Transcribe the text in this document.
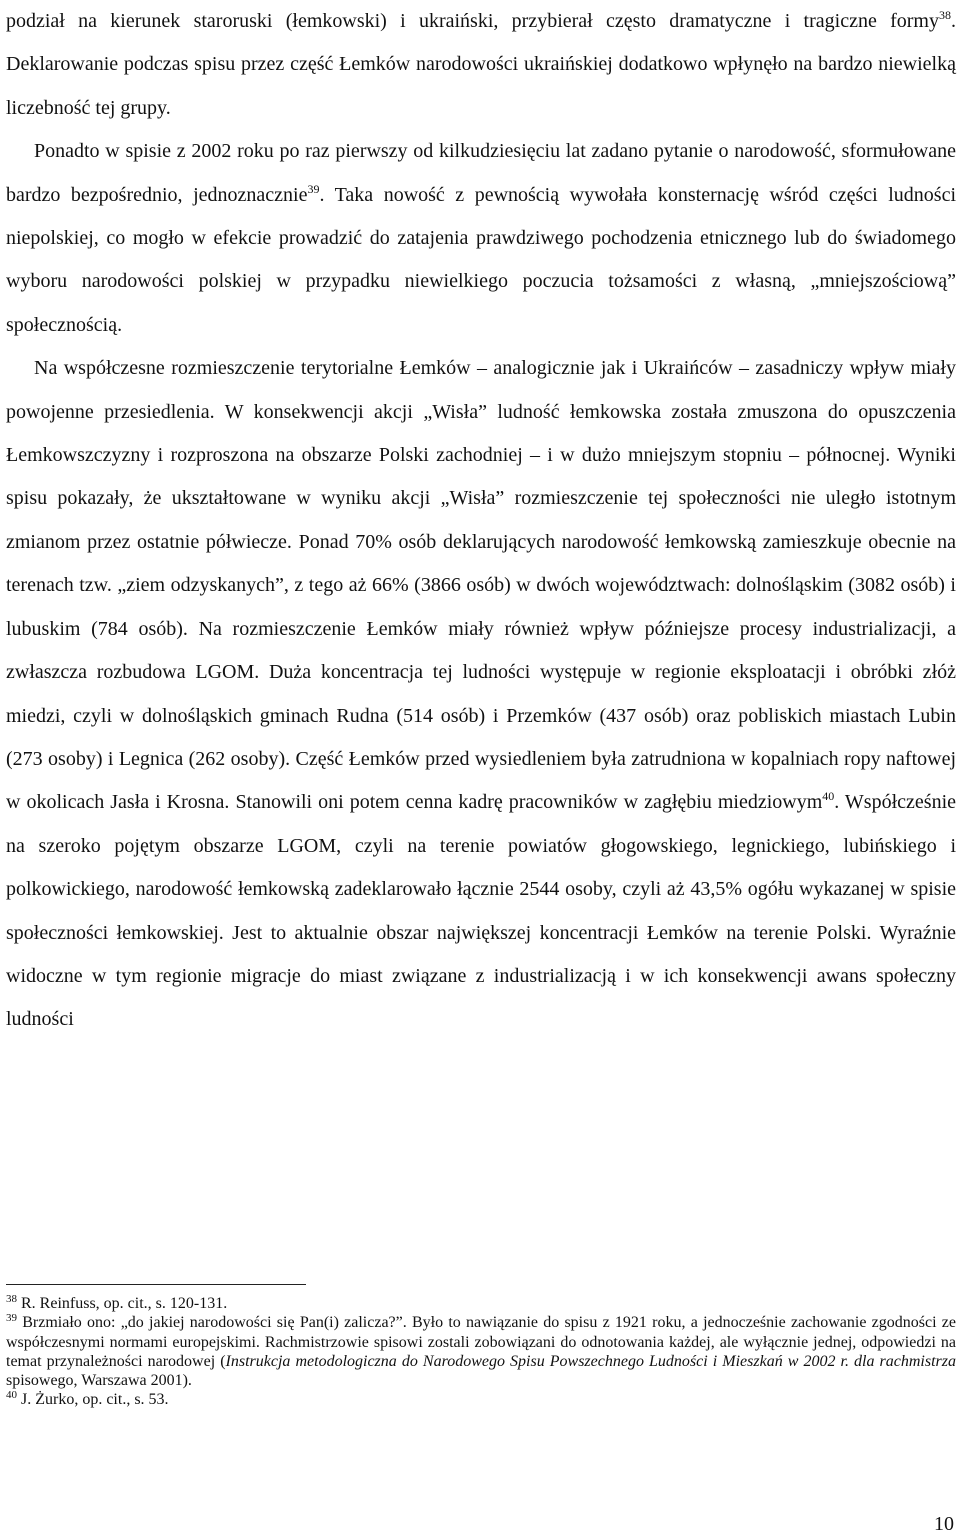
podział na kierunek staroruski (łemkowski) i ukraiński, przybierał często dramatyczne i tragiczne formy$^{38}$. Deklarowanie podczas spisu przez część Łemków narodowości ukraińskiej dodatkowo wpłynęło na bardzo niewielką liczebność tej grupy.

Ponadto w spisie z 2002 roku po raz pierwszy od kilkudziesięciu lat zadano pytanie o narodowość, sformułowane bardzo bezpośrednio, jednoznacznie$^{39}$. Taka nowość z pewnością wywołała konsternację wśród części ludności niepolskiej, co mogło w efekcie prowadzić do zatajenia prawdziwego pochodzenia etnicznego lub do świadomego wyboru narodowości polskiej w przypadku niewielkiego poczucia tożsamości z własną, „mniejszościową” społecznością.

Na współczesne rozmieszczenie terytorialne Łemków – analogicznie jak i Ukraińców – zasadniczy wpływ miały powojenne przesiedlenia. W konsekwencji akcji „Wisła” ludność łemkowska została zmuszona do opuszczenia Łemkowszczyzny i rozproszona na obszarze Polski zachodniej – i w dużo mniejszym stopniu – północnej. Wyniki spisu pokazały, że ukształtowane w wyniku akcji „Wisła” rozmieszczenie tej społeczności nie uległo istotnym zmianom przez ostatnie półwiecze. Ponad 70% osób deklarujących narodowość łemkowską zamieszkuje obecnie na terenach tzw. „ziem odzyskanych”, z tego aż 66% (3866 osób) w dwóch województwach: dolnośląskim (3082 osób) i lubuskim (784 osób). Na rozmieszczenie Łemków miały również wpływ późniejsze procesy industrializacji, a zwłaszcza rozbudowa LGOM. Duża koncentracja tej ludności występuje w regionie eksploatacji i obróbki złóż miedzi, czyli w dolnośląskich gminach Rudna (514 osób) i Przemków (437 osób) oraz pobliskich miastach Lubin (273 osoby) i Legnica (262 osoby). Część Łemków przed wysiedleniem była zatrudniona w kopalniach ropy naftowej w okolicach Jasła i Krosna. Stanowili oni potem cenna kadrę pracowników w zagłębiu miedziowym$^{40}$. Współcześnie na szeroko pojętym obszarze LGOM, czyli na terenie powiatów głogowskiego, legnickiego, lubińskiego i polkowickiego, narodowość łemkowską zadeklarowało łącznie 2544 osoby, czyli aż 43,5% ogółu wykazanej w spisie społeczności łemkowskiej. Jest to aktualnie obszar największej koncentracji Łemków na terenie Polski. Wyraźnie widoczne w tym regionie migracje do miast związane z industrializacją i w ich konsekwencji awans społeczny ludności

$^{38}$ R. Reinfuss, op. cit., s. 120-131.

$^{39}$ Brzmiało ono: „do jakiej narodowości się Pan(i) zalicza?”. Było to nawiązanie do spisu z 1921 roku, a jednocześnie zachowanie zgodności ze współczesnymi normami europejskimi. Rachmistrzowie spisowi zostali zobowiązani do odnotowania każdej, ale wyłącznie jednej, odpowiedzi na temat przynależności narodowej (Instrukcja metodologiczna do Narodowego Spisu Powszechnego Ludności i Mieszkań w 2002 r. dla rachmistrza spisowego, Warszawa 2001).

$^{40}$ J. Żurko, op. cit., s. 53.

10
